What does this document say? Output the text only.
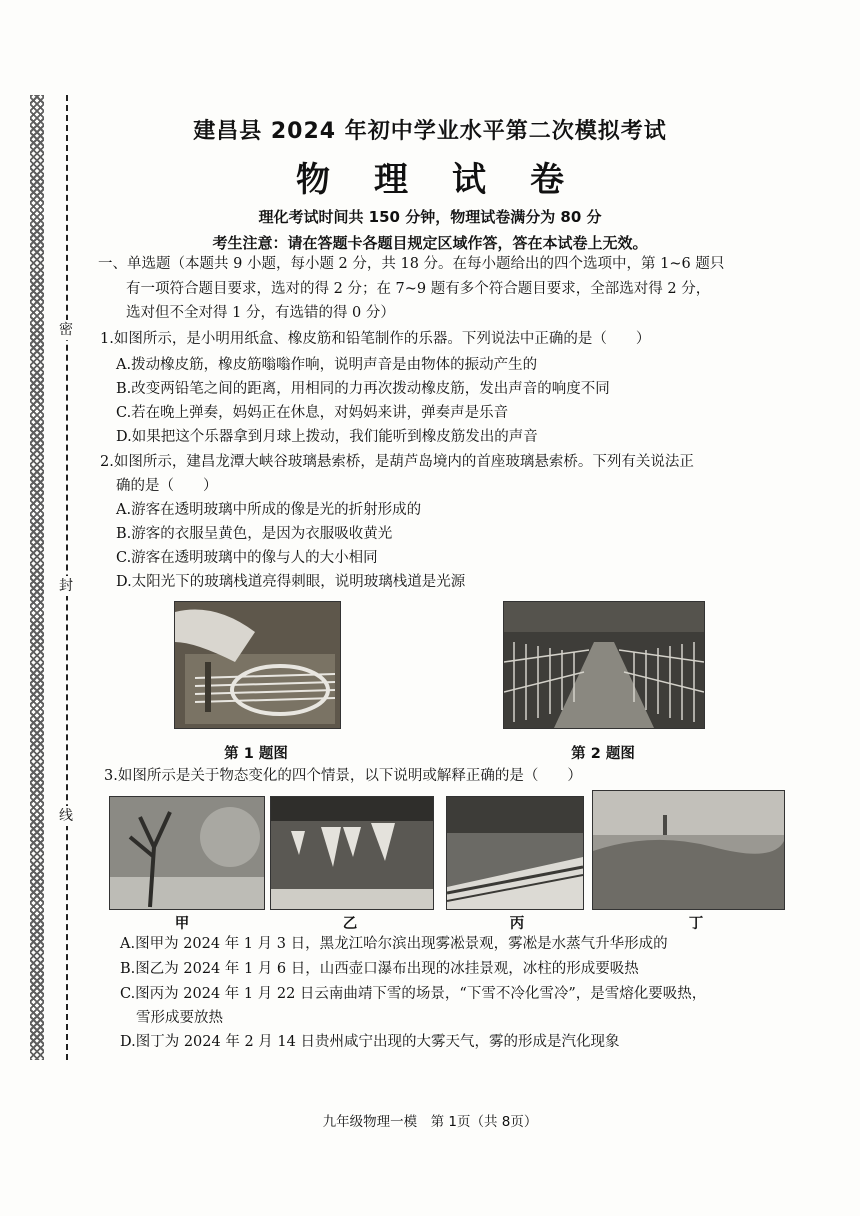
密
封
线
建昌县 2024 年初中学业水平第二次模拟考试
物理试卷
理化考试时间共 150 分钟，物理试卷满分为 80 分
考生注意：请在答题卡各题目规定区域作答，答在本试卷上无效。
一、单选题（本题共 9 小题，每小题 2 分，共 18 分。在每小题给出的四个选项中，第 1~6 题只
有一项符合题目要求，选对的得 2 分；在 7~9 题有多个符合题目要求，全部选对得 2 分，
选对但不全对得 1 分，有选错的得 0 分）
1.如图所示，是小明用纸盒、橡皮筋和铅笔制作的乐器。下列说法中正确的是（　　）
A.拨动橡皮筋，橡皮筋嗡嗡作响，说明声音是由物体的振动产生的
B.改变两铅笔之间的距离，用相同的力再次拨动橡皮筋，发出声音的响度不同
C.若在晚上弹奏，妈妈正在休息，对妈妈来讲，弹奏声是乐音
D.如果把这个乐器拿到月球上拨动，我们能听到橡皮筋发出的声音
2.如图所示，建昌龙潭大峡谷玻璃悬索桥，是葫芦岛境内的首座玻璃悬索桥。下列有关说法正
确的是（　　）
A.游客在透明玻璃中所成的像是光的折射形成的
B.游客的衣服呈黄色，是因为衣服吸收黄光
C.游客在透明玻璃中的像与人的大小相同
D.太阳光下的玻璃栈道亮得刺眼，说明玻璃栈道是光源
第 1 题图	第 2 题图
3.如图所示是关于物态变化的四个情景，以下说明或解释正确的是（　　）
甲	乙	丙	丁
A.图甲为 2024 年 1 月 3 日，黑龙江哈尔滨出现雾凇景观，雾凇是水蒸气升华形成的
B.图乙为 2024 年 1 月 6 日，山西壶口瀑布出现的冰挂景观，冰柱的形成要吸热
C.图丙为 2024 年 1 月 22 日云南曲靖下雪的场景，“下雪不冷化雪冷”，是雪熔化要吸热，
雪形成要放热
D.图丁为 2024 年 2 月 14 日贵州咸宁出现的大雾天气，雾的形成是汽化现象
九年级物理一模　第 1页（共 8页）
